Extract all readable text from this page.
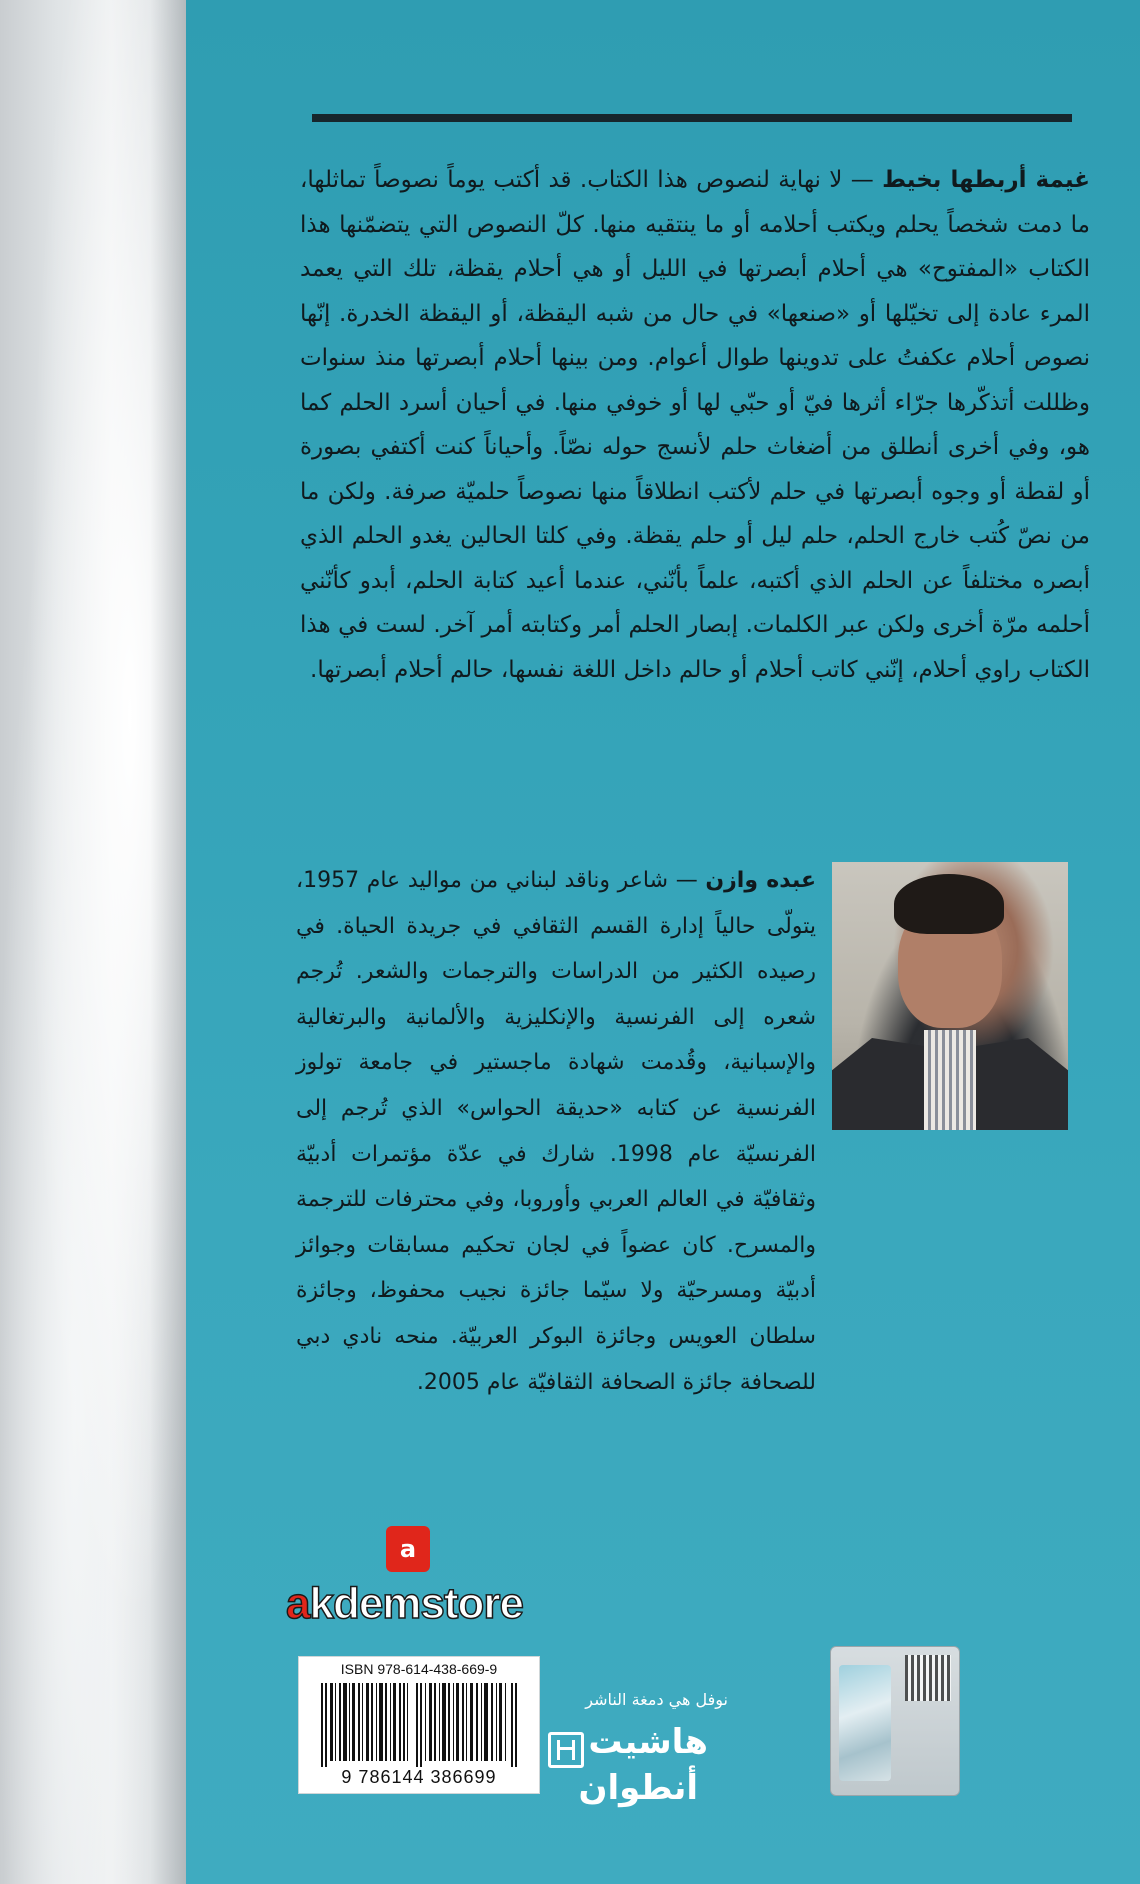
غيمة أربطها بخيط — لا نهاية لنصوص هذا الكتاب. قد أكتب يوماً نصوصاً تماثلها، ما دمت شخصاً يحلم ويكتب أحلامه أو ما ينتقيه منها. كلّ النصوص التي يتضمّنها هذا الكتاب «المفتوح» هي أحلام أبصرتها في الليل أو هي أحلام يقظة، تلك التي يعمد المرء عادة إلى تخيّلها أو «صنعها» في حال من شبه اليقظة، أو اليقظة الخدرة. إنّها نصوص أحلام عكفتُ على تدوينها طوال أعوام. ومن بينها أحلام أبصرتها منذ سنوات وظللت أتذكّرها جرّاء أثرها فيّ أو حبّي لها أو خوفي منها. في أحيان أسرد الحلم كما هو، وفي أخرى أنطلق من أضغاث حلم لأنسج حوله نصّاً. وأحياناً كنت أكتفي بصورة أو لقطة أو وجوه أبصرتها في حلم لأكتب انطلاقاً منها نصوصاً حلميّة صرفة. ولكن ما من نصّ كُتب خارج الحلم، حلم ليل أو حلم يقظة. وفي كلتا الحالين يغدو الحلم الذي أبصره مختلفاً عن الحلم الذي أكتبه، علماً بأنّني، عندما أعيد كتابة الحلم، أبدو كأنّني أحلمه مرّة أخرى ولكن عبر الكلمات. إبصار الحلم أمر وكتابته أمر آخر. لست في هذا الكتاب راوي أحلام، إنّني كاتب أحلام أو حالم داخل اللغة نفسها، حالم أحلام أبصرتها.
عبده وازن — شاعر وناقد لبناني من مواليد عام 1957، يتولّى حالياً إدارة القسم الثقافي في جريدة الحياة. في رصيده الكثير من الدراسات والترجمات والشعر. تُرجم شعره إلى الفرنسية والإنكليزية والألمانية والبرتغالية والإسبانية، وقُدمت شهادة ماجستير في جامعة تولوز الفرنسية عن كتابه «حديقة الحواس» الذي تُرجم إلى الفرنسيّة عام 1998. شارك في عدّة مؤتمرات أدبيّة وثقافيّة في العالم العربي وأوروبا، وفي محترفات للترجمة والمسرح. كان عضواً في لجان تحكيم مسابقات وجوائز أدبيّة ومسرحيّة ولا سيّما جائزة نجيب محفوظ، وجائزة سلطان العويس وجائزة البوكر العربيّة. منحه نادي دبي للصحافة جائزة الصحافة الثقافيّة عام 2005.
a
akdemstore
ISBN 978-614-438-669-9
9 786144 386699
نوفل هي دمغة الناشر
هاشيت
أنطوان
